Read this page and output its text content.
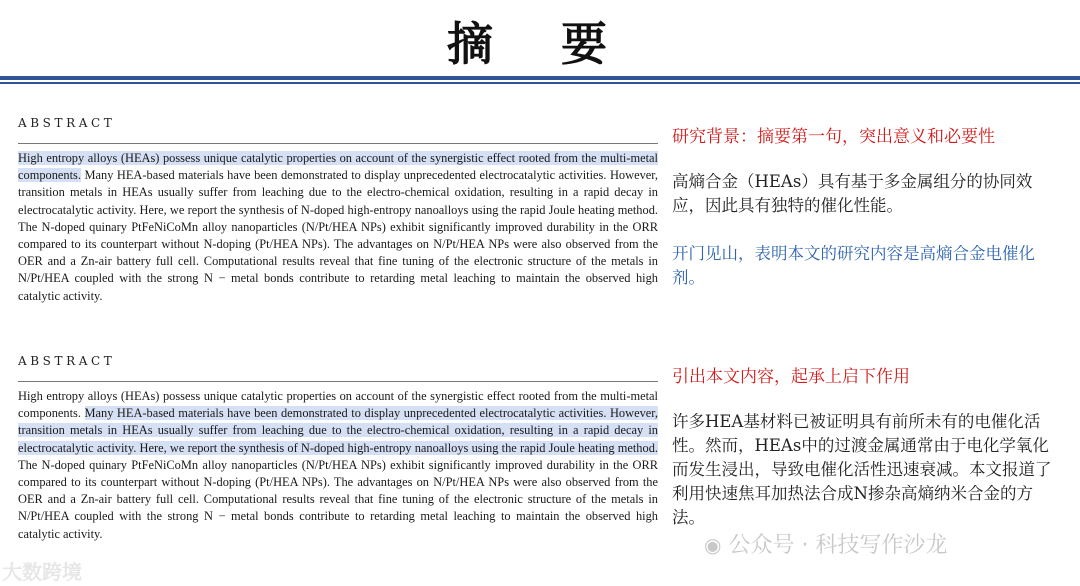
摘 要
ABSTRACT
High entropy alloys (HEAs) possess unique catalytic properties on account of the synergistic effect rooted from the multi-metal components. Many HEA-based materials have been demonstrated to display unprecedented electrocatalytic activities. However, transition metals in HEAs usually suffer from leaching due to the electro-chemical oxidation, resulting in a rapid decay in electrocatalytic activity. Here, we report the synthesis of N-doped high-entropy nanoalloys using the rapid Joule heating method. The N-doped quinary PtFeNiCoMn alloy nanoparticles (N/Pt/HEA NPs) exhibit significantly improved durability in the ORR compared to its counterpart without N-doping (Pt/HEA NPs). The advantages on N/Pt/HEA NPs were also observed from the OER and a Zn-air battery full cell. Computational results reveal that fine tuning of the electronic structure of the metals in N/Pt/HEA coupled with the strong N − metal bonds contribute to retarding metal leaching to maintain the observed high catalytic activity.
ABSTRACT
High entropy alloys (HEAs) possess unique catalytic properties on account of the synergistic effect rooted from the multi-metal components. Many HEA-based materials have been demonstrated to display unprecedented electrocatalytic activities. However, transition metals in HEAs usually suffer from leaching due to the electro-chemical oxidation, resulting in a rapid decay in electrocatalytic activity. Here, we report the synthesis of N-doped high-entropy nanoalloys using the rapid Joule heating method. The N-doped quinary PtFeNiCoMn alloy nanoparticles (N/Pt/HEA NPs) exhibit significantly improved durability in the ORR compared to its counterpart without N-doping (Pt/HEA NPs). The advantages on N/Pt/HEA NPs were also observed from the OER and a Zn-air battery full cell. Computational results reveal that fine tuning of the electronic structure of the metals in N/Pt/HEA coupled with the strong N − metal bonds contribute to retarding metal leaching to maintain the observed high catalytic activity.
研究背景：摘要第一句，突出意义和必要性
高熵合金（HEAs）具有基于多金属组分的协同效应，因此具有独特的催化性能。
开门见山，表明本文的研究内容是高熵合金电催化剂。
引出本文内容，起承上启下作用
许多HEA基材料已被证明具有前所未有的电催化活性。然而，HEAs中的过渡金属通常由于电化学氧化而发生浸出，导致电催化活性迅速衰减。本文报道了利用快速焦耳加热法合成N掺杂高熵纳米合金的方法。
◉ 公众号 · 科技写作沙龙
大数跨境
